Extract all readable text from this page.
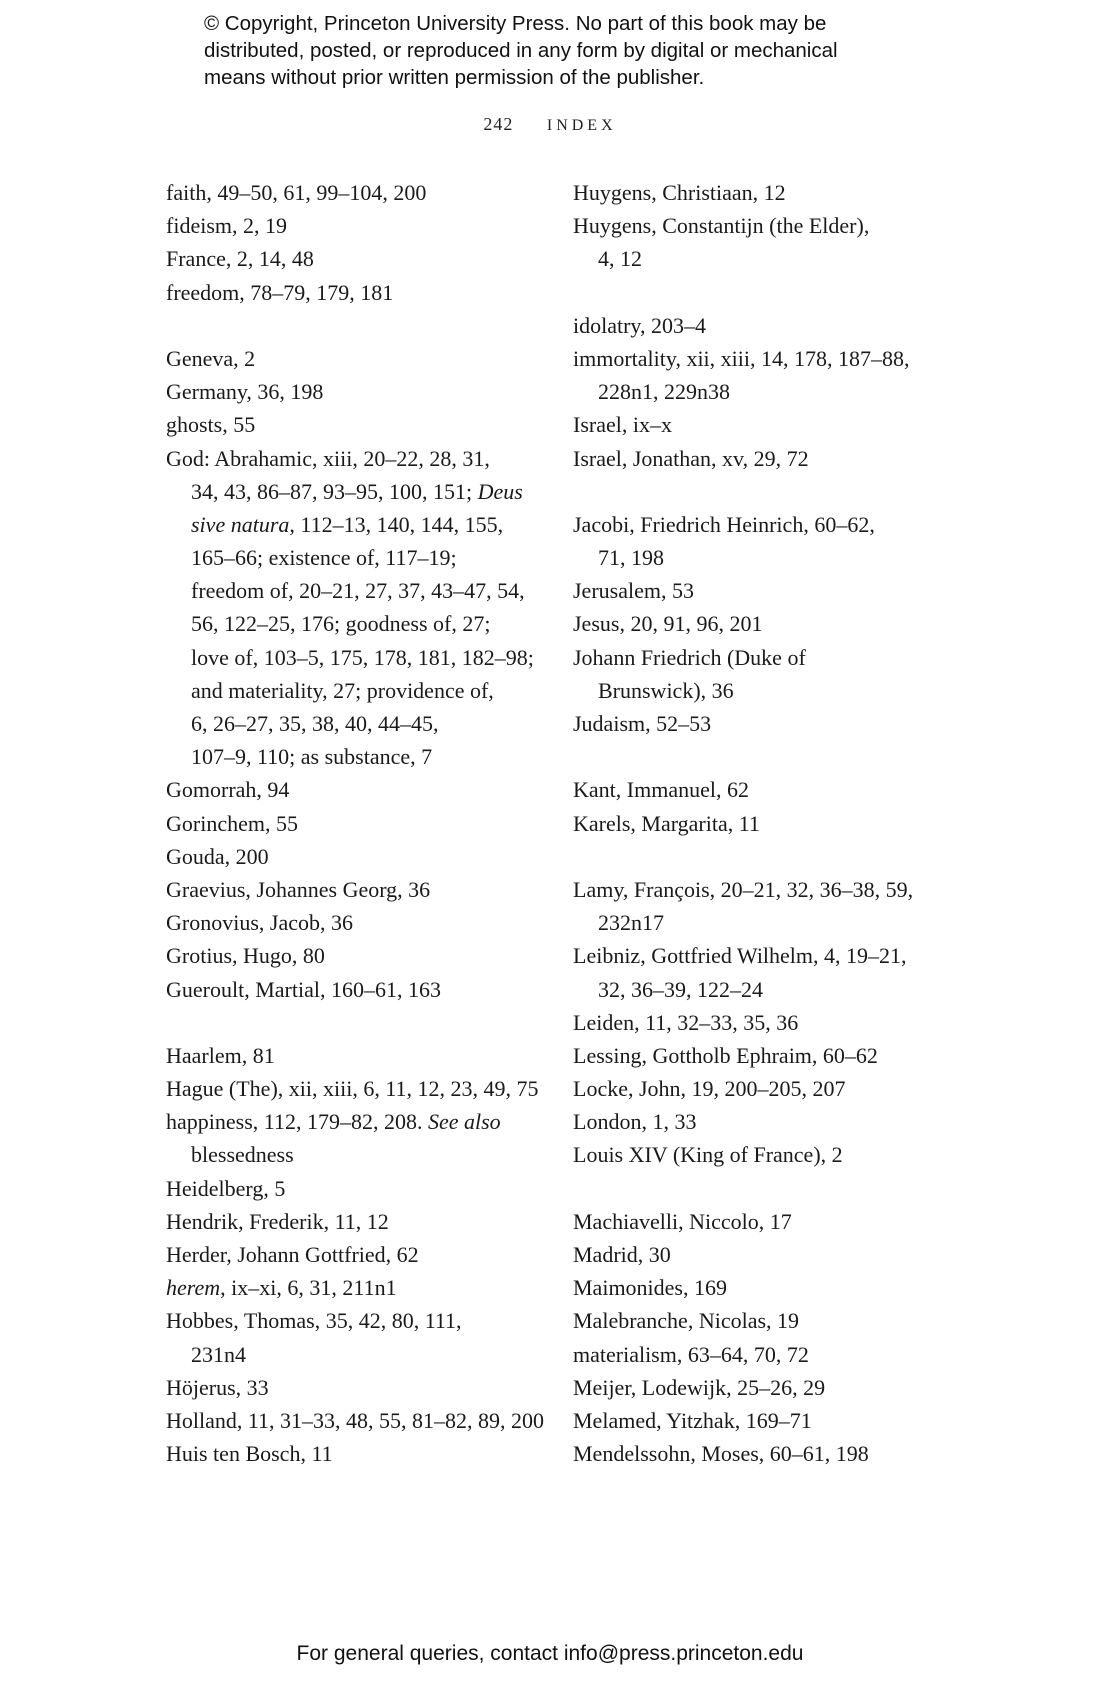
© Copyright, Princeton University Press. No part of this book may be
distributed, posted, or reproduced in any form by digital or mechanical
means without prior written permission of the publisher.
242 INDEX
faith, 49–50, 61, 99–104, 200
fideism, 2, 19
France, 2, 14, 48
freedom, 78–79, 179, 181
Geneva, 2
Germany, 36, 198
ghosts, 55
God: Abrahamic, xiii, 20–22, 28, 31,
34, 43, 86–87, 93–95, 100, 151; Deus
sive natura, 112–13, 140, 144, 155,
165–66; existence of, 117–19;
freedom of, 20–21, 27, 37, 43–47, 54,
56, 122–25, 176; goodness of, 27;
love of, 103–5, 175, 178, 181, 182–98;
and materiality, 27; providence of,
6, 26–27, 35, 38, 40, 44–45,
107–9, 110; as substance, 7
Gomorrah, 94
Gorinchem, 55
Gouda, 200
Graevius, Johannes Georg, 36
Gronovius, Jacob, 36
Grotius, Hugo, 80
Gueroult, Martial, 160–61, 163
Haarlem, 81
Hague (The), xii, xiii, 6, 11, 12, 23, 49, 75
happiness, 112, 179–82, 208. See also
blessedness
Heidelberg, 5
Hendrik, Frederik, 11, 12
Herder, Johann Gottfried, 62
herem, ix–xi, 6, 31, 211n1
Hobbes, Thomas, 35, 42, 80, 111,
231n4
Höjerus, 33
Holland, 11, 31–33, 48, 55, 81–82, 89, 200
Huis ten Bosch, 11
Huygens, Christiaan, 12
Huygens, Constantijn (the Elder),
4, 12
idolatry, 203–4
immortality, xii, xiii, 14, 178, 187–88,
228n1, 229n38
Israel, ix–x
Israel, Jonathan, xv, 29, 72
Jacobi, Friedrich Heinrich, 60–62,
71, 198
Jerusalem, 53
Jesus, 20, 91, 96, 201
Johann Friedrich (Duke of
Brunswick), 36
Judaism, 52–53
Kant, Immanuel, 62
Karels, Margarita, 11
Lamy, François, 20–21, 32, 36–38, 59,
232n17
Leibniz, Gottfried Wilhelm, 4, 19–21,
32, 36–39, 122–24
Leiden, 11, 32–33, 35, 36
Lessing, Gottholb Ephraim, 60–62
Locke, John, 19, 200–205, 207
London, 1, 33
Louis XIV (King of France), 2
Machiavelli, Niccolo, 17
Madrid, 30
Maimonides, 169
Malebranche, Nicolas, 19
materialism, 63–64, 70, 72
Meijer, Lodewijk, 25–26, 29
Melamed, Yitzhak, 169–71
Mendelssohn, Moses, 60–61, 198
For general queries, contact info@press.princeton.edu
